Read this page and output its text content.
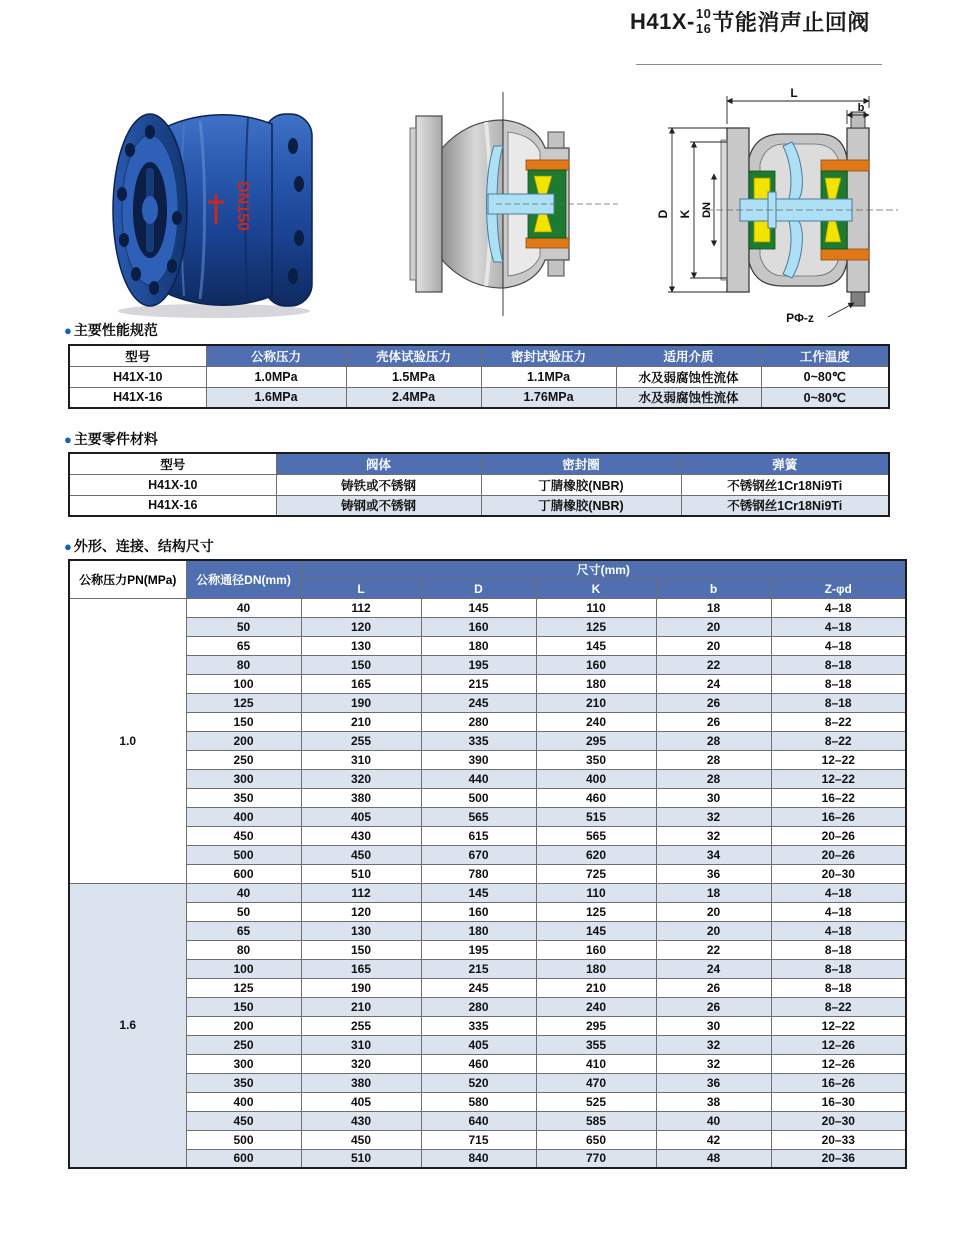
H41X- 10
16 节能消声止回阀
DN150
L
b
D K DN
PΦ-z
● 主要性能规范
型号	公称压力	壳体试验压力	密封试验压力	适用介质	工作温度
H41X-10	1.0MPa	1.5MPa	1.1MPa	水及弱腐蚀性流体	0~80℃
H41X-16	1.6MPa	2.4MPa	1.76MPa	水及弱腐蚀性流体	0~80℃
● 主要零件材料
型号	阀体	密封圈	弹簧
H41X-10	铸铁或不锈钢	丁腈橡胶(NBR)	不锈钢丝1Cr18Ni9Ti
H41X-16	铸钢或不锈钢	丁腈橡胶(NBR)	不锈钢丝1Cr18Ni9Ti
● 外形、连接、结构尺寸
公称压力PN(MPa)	公称通径DN(mm)	尺寸(mm)				
		L	D	K	b	Z-φd
1.0	40	112	145	110	18	4–18
	50	120	160	125	20	4–18
	65	130	180	145	20	4–18
	80	150	195	160	22	8–18
	100	165	215	180	24	8–18
	125	190	245	210	26	8–18
	150	210	280	240	26	8–22
	200	255	335	295	28	8–22
	250	310	390	350	28	12–22
	300	320	440	400	28	12–22
	350	380	500	460	30	16–22
	400	405	565	515	32	16–26
	450	430	615	565	32	20–26
	500	450	670	620	34	20–26
	600	510	780	725	36	20–30
1.6	40	112	145	110	18	4–18
	50	120	160	125	20	4–18
	65	130	180	145	20	4–18
	80	150	195	160	22	8–18
	100	165	215	180	24	8–18
	125	190	245	210	26	8–18
	150	210	280	240	26	8–22
	200	255	335	295	30	12–22
	250	310	405	355	32	12–26
	300	320	460	410	32	12–26
	350	380	520	470	36	16–26
	400	405	580	525	38	16–30
	450	430	640	585	40	20–30
	500	450	715	650	42	20–33
	600	510	840	770	48	20–36
